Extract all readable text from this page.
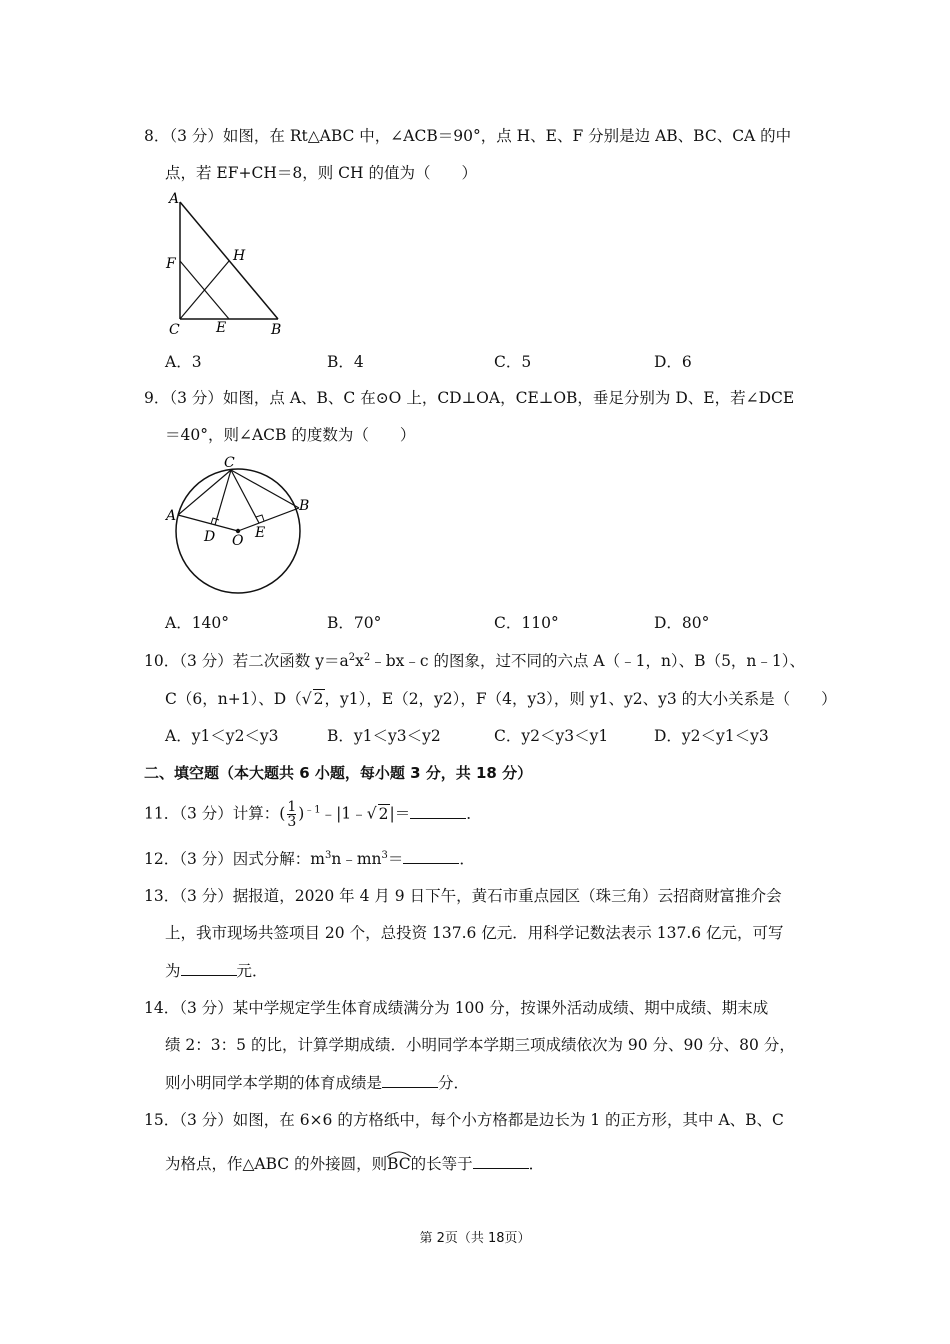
8．（3 分）如图，在 Rt△ABC 中，∠ACB＝90°，点 H、E、F 分别是边 AB、BC、CA 的中
点，若 EF+CH＝8，则 CH 的值为（　　）
A
F	H
C	E	B
A．3	B．4	C．5	D．6
9．（3 分）如图，点 A、B、C 在⊙O 上，CD⊥OA，CE⊥OB，垂足分别为 D、E，若∠DCE
＝40°，则∠ACB 的度数为（　　）
C
A
B
D	E
O
A．140°	B．70°	C．110°	D．80°
10．（3 分）若二次函数 $y=a^2x^2﹣bx﹣c$ 的图象，过不同的六点 A（﹣1，n）、B（5，n﹣1）、
C（6，n+1）、D（√ 2，y1），E（2，y2），F（4，y3），则 y1、y2、y3 的大小关系是（　　）
A．y1＜y2＜y3	B．y1＜y3＜y2	C．y2＜y3＜y1	D．y2＜y1＜y3
二、填空题（本大题共 6 小题，每小题 3 分，共 18 分）
11．（3 分）计算：( $\frac{1}{3}$ )$^{﹣1}$﹣|1﹣√ 2|＝	．
12．（3 分）因式分解：$m^3n﹣mn^3=$	．
13．（3 分）据报道，2020 年 4 月 9 日下午，黄石市重点园区（珠三角）云招商财富推介会
上，我市现场共签项目 20 个，总投资 137.6 亿元．用科学记数法表示 137.6 亿元，可写
为	元．
14．（3 分）某中学规定学生体育成绩满分为 100 分，按课外活动成绩、期中成绩、期末成
绩 2：3：5 的比，计算学期成绩．小明同学本学期三项成绩依次为 90 分、90 分、80 分，
则小明同学本学期的体育成绩是	分．
15．（3 分）如图，在 6×6 的方格纸中，每个小方格都是边长为 1 的正方形，其中 A、B、C
为格点，作△ABC 的外接圆，则
BC的长等于	．
第 2页（共 18页）
